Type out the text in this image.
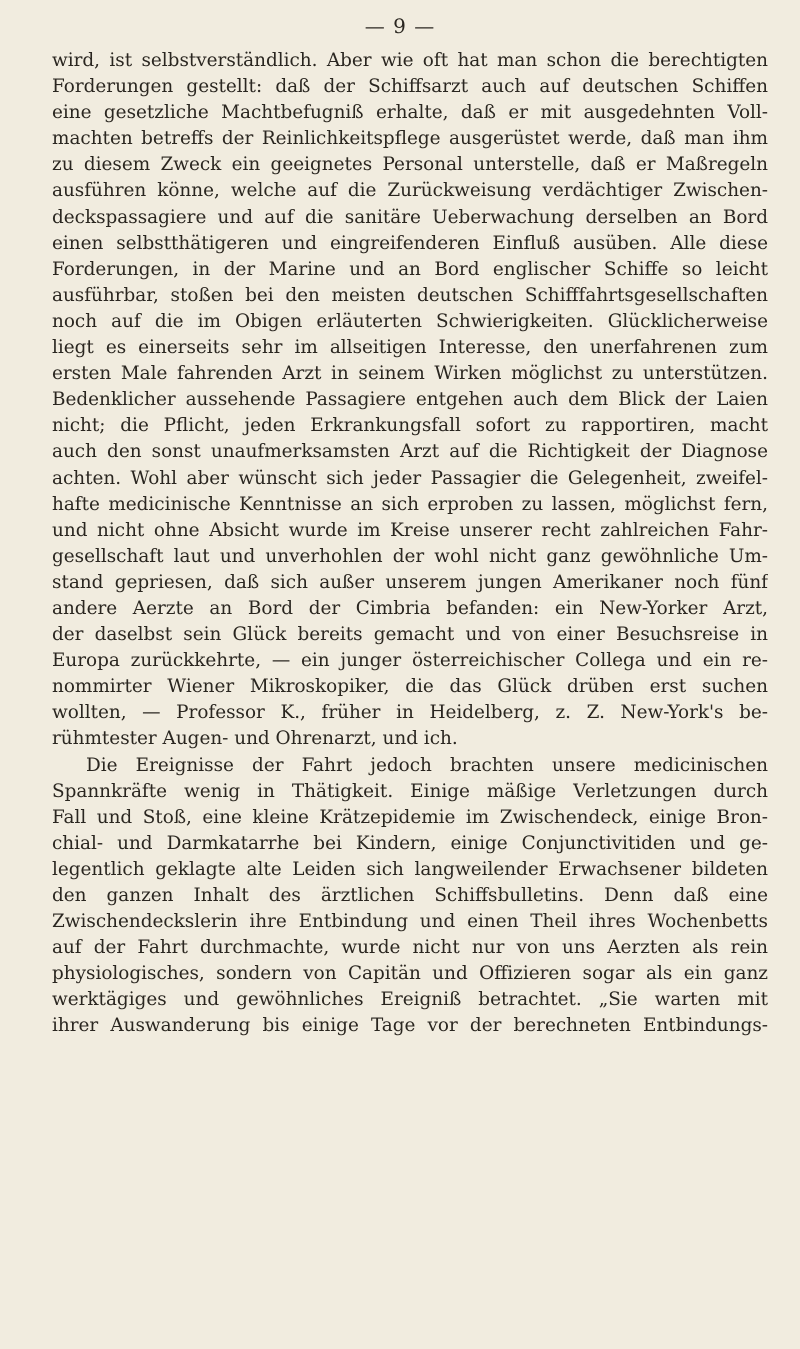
— 9 —
wird, ist selbstverständlich. Aber wie oft hat man schon die berechtigten
Forderungen gestellt: daß der Schiffsarzt auch auf deutschen Schiffen
eine gesetzliche Machtbefugniß erhalte, daß er mit ausgedehnten Voll-
machten betreffs der Reinlichkeitspflege ausgerüstet werde, daß man ihm
zu diesem Zweck ein geeignetes Personal unterstelle, daß er Maßregeln
ausführen könne, welche auf die Zurückweisung verdächtiger Zwischen-
deckspassagiere und auf die sanitäre Ueberwachung derselben an Bord
einen selbstthätigeren und eingreifenderen Einfluß ausüben. Alle diese
Forderungen, in der Marine und an Bord englischer Schiffe so leicht
ausführbar, stoßen bei den meisten deutschen Schifffahrtsgesellschaften
noch auf die im Obigen erläuterten Schwierigkeiten. Glücklicherweise
liegt es einerseits sehr im allseitigen Interesse, den unerfahrenen zum
ersten Male fahrenden Arzt in seinem Wirken möglichst zu unterstützen.
Bedenklicher aussehende Passagiere entgehen auch dem Blick der Laien
nicht; die Pflicht, jeden Erkrankungsfall sofort zu rapportiren, macht
auch den sonst unaufmerksamsten Arzt auf die Richtigkeit der Diagnose
achten. Wohl aber wünscht sich jeder Passagier die Gelegenheit, zweifel-
hafte medicinische Kenntnisse an sich erproben zu lassen, möglichst fern,
und nicht ohne Absicht wurde im Kreise unserer recht zahlreichen Fahr-
gesellschaft laut und unverhohlen der wohl nicht ganz gewöhnliche Um-
stand gepriesen, daß sich außer unserem jungen Amerikaner noch fünf
andere Aerzte an Bord der Cimbria befanden: ein New-Yorker Arzt,
der daselbst sein Glück bereits gemacht und von einer Besuchsreise in
Europa zurückkehrte, — ein junger österreichischer Collega und ein re-
nommirter Wiener Mikroskopiker, die das Glück drüben erst suchen
wollten, — Professor K., früher in Heidelberg, z. Z. New-York's be-
rühmtester Augen- und Ohrenarzt, und ich.
Die Ereignisse der Fahrt jedoch brachten unsere medicinischen
Spannkräfte wenig in Thätigkeit. Einige mäßige Verletzungen durch
Fall und Stoß, eine kleine Krätzepidemie im Zwischendeck, einige Bron-
chial- und Darmkatarrhe bei Kindern, einige Conjunctivitiden und ge-
legentlich geklagte alte Leiden sich langweilender Erwachsener bildeten
den ganzen Inhalt des ärztlichen Schiffsbulletins. Denn daß eine
Zwischendeckslerin ihre Entbindung und einen Theil ihres Wochenbetts
auf der Fahrt durchmachte, wurde nicht nur von uns Aerzten als rein
physiologisches, sondern von Capitän und Offizieren sogar als ein ganz
werktägiges und gewöhnliches Ereigniß betrachtet. „Sie warten mit
ihrer Auswanderung bis einige Tage vor der berechneten Entbindungs-
